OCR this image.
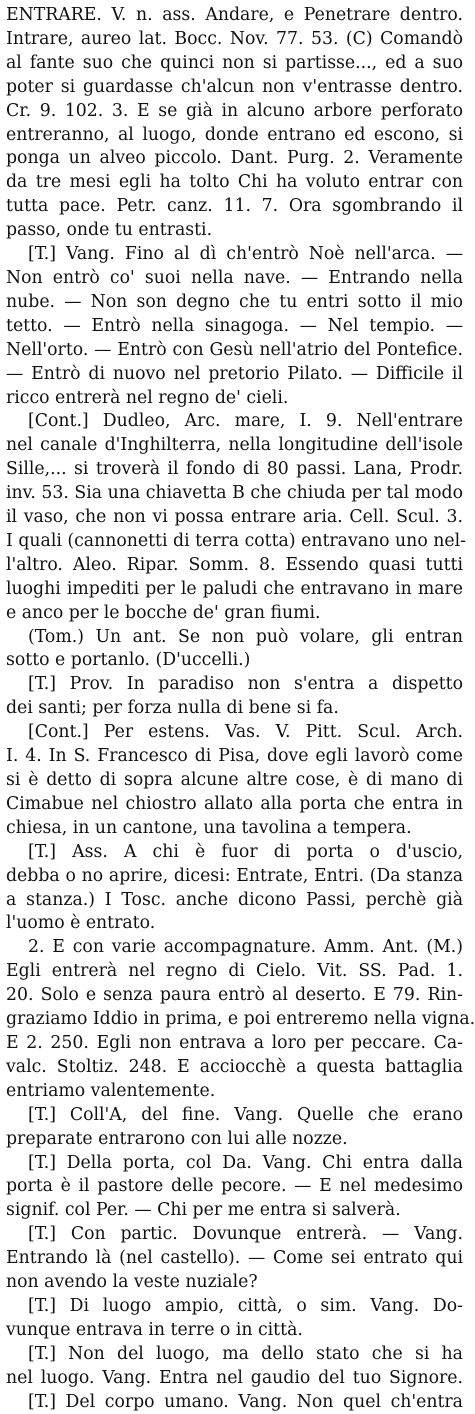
ENTRARE. V. n. ass. Andare, e Penetrare dentro.
Intrare, aureo lat. Bocc. Nov. 77. 53. (C) Comandò
al fante suo che quinci non si partisse..., ed a suo
poter si guardasse ch'alcun non v'entrasse dentro.
Cr. 9. 102. 3. E se già in alcuno arbore perforato
entreranno, al luogo, donde entrano ed escono, si
ponga un alveo piccolo. Dant. Purg. 2. Veramente
da tre mesi egli ha tolto Chi ha voluto entrar con
tutta pace. Petr. canz. 11. 7. Ora sgombrando il
passo, onde tu entrasti.
[T.] Vang. Fino al dì ch'entrò Noè nell'arca. —
Non entrò co' suoi nella nave. — Entrando nella
nube. — Non son degno che tu entri sotto il mio
tetto. — Entrò nella sinagoga. — Nel tempio. —
Nell'orto. — Entrò con Gesù nell'atrio del Pontefice.
— Entrò di nuovo nel pretorio Pilato. — Difficile il
ricco entrerà nel regno de' cieli.
[Cont.] Dudleo, Arc. mare, I. 9. Nell'entrare
nel canale d'Inghilterra, nella longitudine dell'isole
Sille,... si troverà il fondo di 80 passi. Lana, Prodr.
inv. 53. Sia una chiavetta B che chiuda per tal modo
il vaso, che non vi possa entrare aria. Cell. Scul. 3.
I quali (cannonetti di terra cotta) entravano uno nel-
l'altro. Aleo. Ripar. Somm. 8. Essendo quasi tutti
luoghi impediti per le paludi che entravano in mare
e anco per le bocche de' gran fiumi.
(Tom.) Un ant. Se non può volare, gli entran
sotto e portanlo. (D'uccelli.)
[T.] Prov. In paradiso non s'entra a dispetto
dei santi; per forza nulla di bene si fa.
[Cont.] Per estens. Vas. V. Pitt. Scul. Arch.
I. 4. In S. Francesco di Pisa, dove egli lavorò come
si è detto di sopra alcune altre cose, è di mano di
Cimabue nel chiostro allato alla porta che entra in
chiesa, in un cantone, una tavolina a tempera.
[T.] Ass. A chi è fuor di porta o d'uscio,
debba o no aprire, dicesi: Entrate, Entri. (Da stanza
a stanza.) I Tosc. anche dicono Passi, perchè già
l'uomo è entrato.
2. E con varie accompagnature. Amm. Ant. (M.)
Egli entrerà nel regno di Cielo. Vit. SS. Pad. 1.
20. Solo e senza paura entrò al deserto. E 79. Rin-
graziamo Iddio in prima, e poi entreremo nella vigna.
E 2. 250. Egli non entrava a loro per peccare. Ca-
valc. Stoltiz. 248. E acciocchè a questa battaglia
entriamo valentemente.
[T.] Coll'A, del fine. Vang. Quelle che erano
preparate entrarono con lui alle nozze.
[T.] Della porta, col Da. Vang. Chi entra dalla
porta è il pastore delle pecore. — E nel medesimo
signif. col Per. — Chi per me entra si salverà.
[T.] Con partic. Dovunque entrerà. — Vang.
Entrando là (nel castello). — Come sei entrato qui
non avendo la veste nuziale?
[T.] Di luogo ampio, città, o sim. Vang. Do-
vunque entrava in terre o in città.
[T.] Non del luogo, ma dello stato che si ha
nel luogo. Vang. Entra nel gaudio del tuo Signore.
[T.] Del corpo umano. Vang. Non quel ch'entra
